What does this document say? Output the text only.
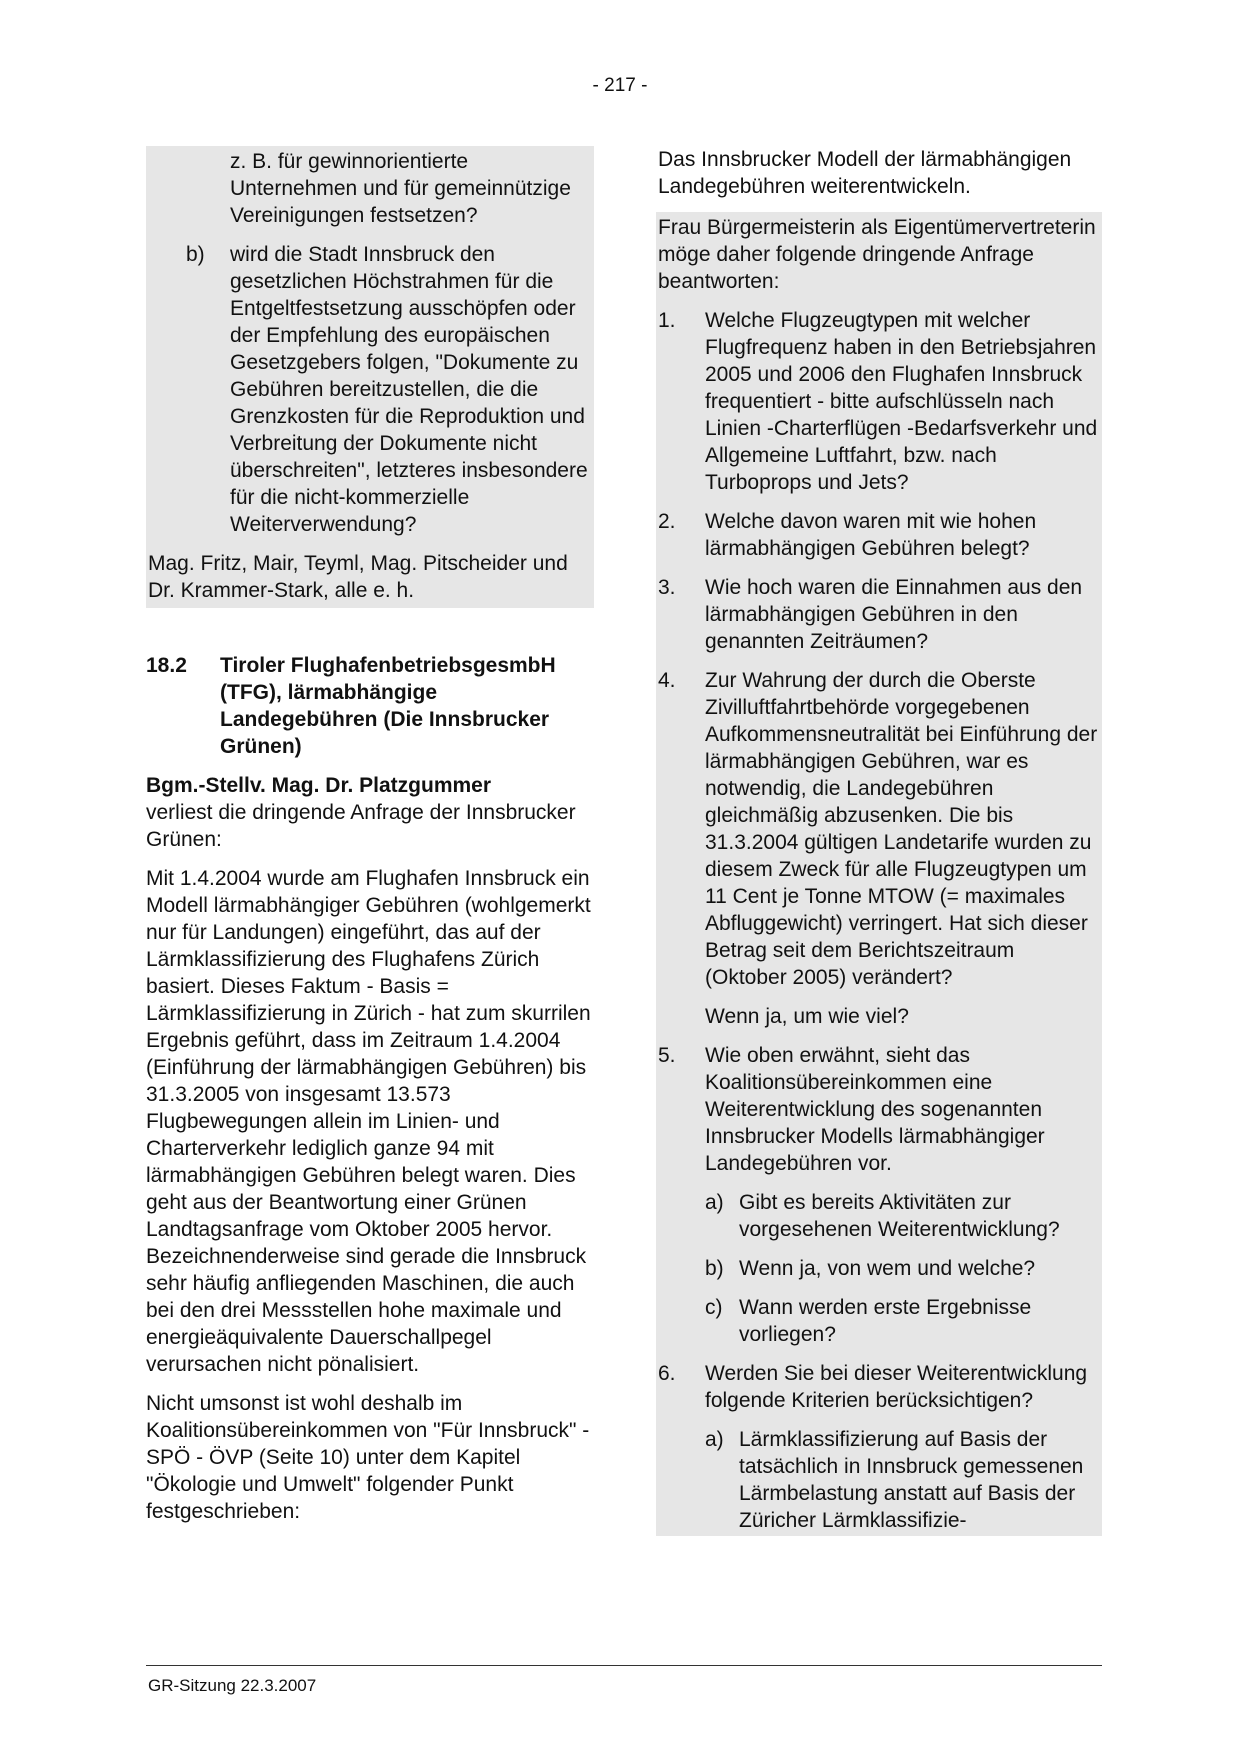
- 217 -
z. B. für gewinnorientierte Unternehmen und für gemeinnützige Vereinigungen festsetzen?
b)	wird die Stadt Innsbruck den gesetzlichen Höchstrahmen für die Entgeltfestsetzung ausschöpfen oder der Empfehlung des europäischen Gesetzgebers folgen, "Dokumente zu Gebühren bereitzustellen, die die Grenzkosten für die Reproduktion und Verbreitung der Dokumente nicht überschreiten", letzteres insbesondere für die nicht-kommerzielle Weiterverwendung?
Mag. Fritz, Mair, Teyml, Mag. Pitscheider und Dr. Krammer-Stark, alle e. h.
18.2	Tiroler FlughafenbetriebsgesmbH (TFG), lärmabhängige Landegebühren (Die Innsbrucker Grünen)
Bgm.-Stellv. Mag. Dr. Platzgummer
verliest die dringende Anfrage der Innsbrucker Grünen:
Mit 1.4.2004 wurde am Flughafen Innsbruck ein Modell lärmabhängiger Gebühren (wohlgemerkt nur für Landungen) eingeführt, das auf der Lärmklassifizierung des Flughafens Zürich basiert. Dieses Faktum - Basis = Lärmklassifizierung in Zürich - hat zum skurrilen Ergebnis geführt, dass im Zeitraum 1.4.2004 (Einführung der lärmabhängigen Gebühren) bis 31.3.2005 von insgesamt 13.573 Flugbewegungen allein im Linien- und Charterverkehr lediglich ganze 94 mit lärmabhängigen Gebühren belegt waren. Dies geht aus der Beantwortung einer Grünen Landtagsanfrage vom Oktober 2005 hervor. Bezeichnenderweise sind gerade die Innsbruck sehr häufig anfliegenden Maschinen, die auch bei den drei Messstellen hohe maximale und energieäquivalente Dauerschallpegel verursachen nicht pönalisiert.
Nicht umsonst ist wohl deshalb im Koalitionsübereinkommen von "Für Innsbruck" - SPÖ - ÖVP (Seite 10) unter dem Kapitel "Ökologie und Umwelt" folgender Punkt festgeschrieben:
Das Innsbrucker Modell der lärmabhängigen Landegebühren weiterentwickeln.
Frau Bürgermeisterin als Eigentümervertreterin möge daher folgende dringende Anfrage beantworten:
1.	Welche Flugzeugtypen mit welcher Flugfrequenz haben in den Betriebsjahren 2005 und 2006 den Flughafen Innsbruck frequentiert - bitte aufschlüsseln nach Linien -Charterflügen -Bedarfsverkehr und Allgemeine Luftfahrt, bzw. nach Turboprops und Jets?
2.	Welche davon waren mit wie hohen lärmabhängigen Gebühren belegt?
3.	Wie hoch waren die Einnahmen aus den lärmabhängigen Gebühren in den genannten Zeiträumen?
4.	Zur Wahrung der durch die Oberste Zivilluftfahrtbehörde vorgegebenen Aufkommensneutralität bei Einführung der lärmabhängigen Gebühren, war es notwendig, die Landegebühren gleichmäßig abzusenken. Die bis 31.3.2004 gültigen Landetarife wurden zu diesem Zweck für alle Flugzeugtypen um 11 Cent je Tonne MTOW (= maximales Abfluggewicht) verringert. Hat sich dieser Betrag seit dem Berichtszeitraum (Oktober 2005) verändert?
Wenn ja, um wie viel?
5.	Wie oben erwähnt, sieht das Koalitionsübereinkommen eine Weiterentwicklung des sogenannten Innsbrucker Modells lärmabhängiger Landegebühren vor.
a) Gibt es bereits Aktivitäten zur vorgesehenen Weiterentwicklung?
b) Wenn ja, von wem und welche?
c) Wann werden erste Ergebnisse vorliegen?
6.	Werden Sie bei dieser Weiterentwicklung folgende Kriterien berücksichtigen?
a) Lärmklassifizierung auf Basis der tatsächlich in Innsbruck gemessenen Lärmbelastung anstatt auf Basis der Züricher Lärmklassifizie-
GR-Sitzung 22.3.2007
